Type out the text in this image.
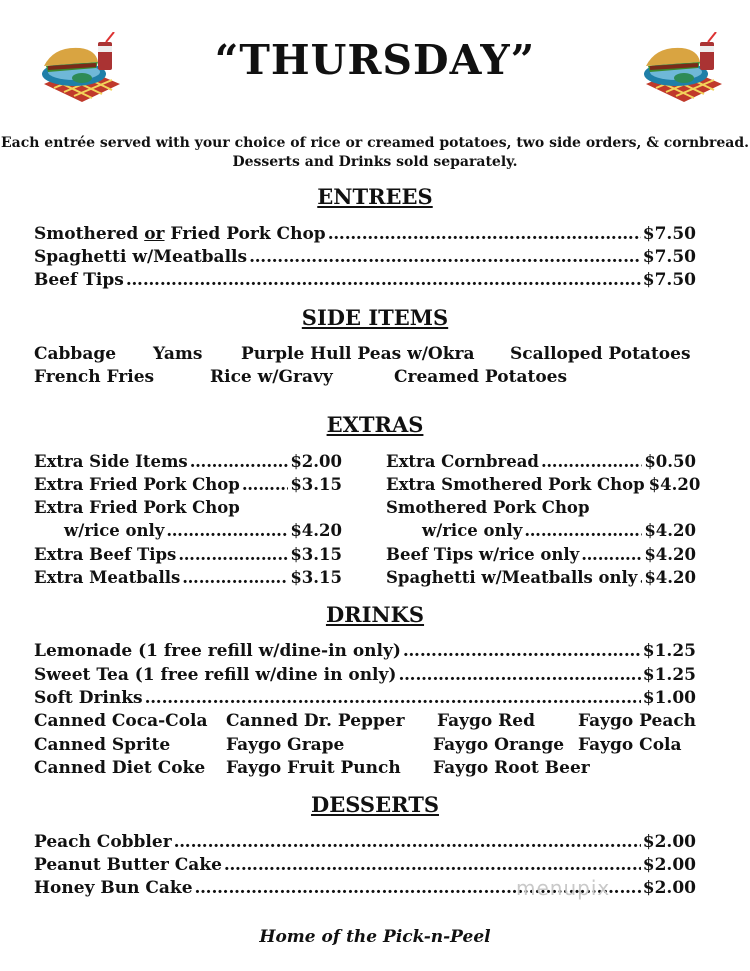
“THURSDAY”
Each entrée served with your choice of rice or creamed potatoes, two side orders, & cornbread.
Desserts and Drinks sold separately.
ENTREES
Smothered or Fried Pork Chop ……………………………………………………………………………………………………………………………	$7.50
Spaghetti w/Meatballs ……………………………………………………………………………………………………………………………	$7.50
Beef Tips ……………………………………………………………………………………………………………………………	$7.50
SIDE ITEMS
Cabbage Yams Purple Hull Peas w/Okra Scalloped Potatoes
French Fries	Rice w/Gravy	Creamed Potatoes
EXTRAS
Extra Side Items ………………………………………………………………………	$2.00
Extra Fried Pork Chop ………………………………………………………………………	$3.15
Extra Fried Pork Chop
w/rice only ………………………………………………………………………	$4.20
Extra Beef Tips ………………………………………………………………………	$3.15
Extra Meatballs ………………………………………………………………………	$3.15
Extra Cornbread ………………………………………………………………………	$0.50
Extra Smothered Pork Chop $4.20
Smothered Pork Chop
w/rice only ………………………………………………………………………	$4.20
Beef Tips w/rice only ………………………………………………………………………	$4.20
Spaghetti w/Meatballs only ……………………………………………………………………… $4.20
DRINKS
Lemonade (1 free refill w/dine-in only) ……………………………………………………………………………………………………………………………	$1.25
Sweet Tea (1 free refill w/dine in only) ……………………………………………………………………………………………………………………………	$1.25
Soft Drinks ……………………………………………………………………………………………………………………………	$1.00
Canned Coca-Cola Canned Dr. Pepper Faygo Red	Faygo Peach
Canned Sprite	Faygo Grape	Faygo Orange Faygo Cola
Canned Diet Coke Faygo Fruit Punch Faygo Root Beer
DESSERTS
Peach Cobbler ……………………………………………………………………………………………………………………………	$2.00
Peanut Butter Cake ……………………………………………………………………………………………………………………………	$2.00
Honey Bun Cake ……………………………………………………………………………………………………………………………	$2.00
menupix
Home of the Pick-n-Peel
